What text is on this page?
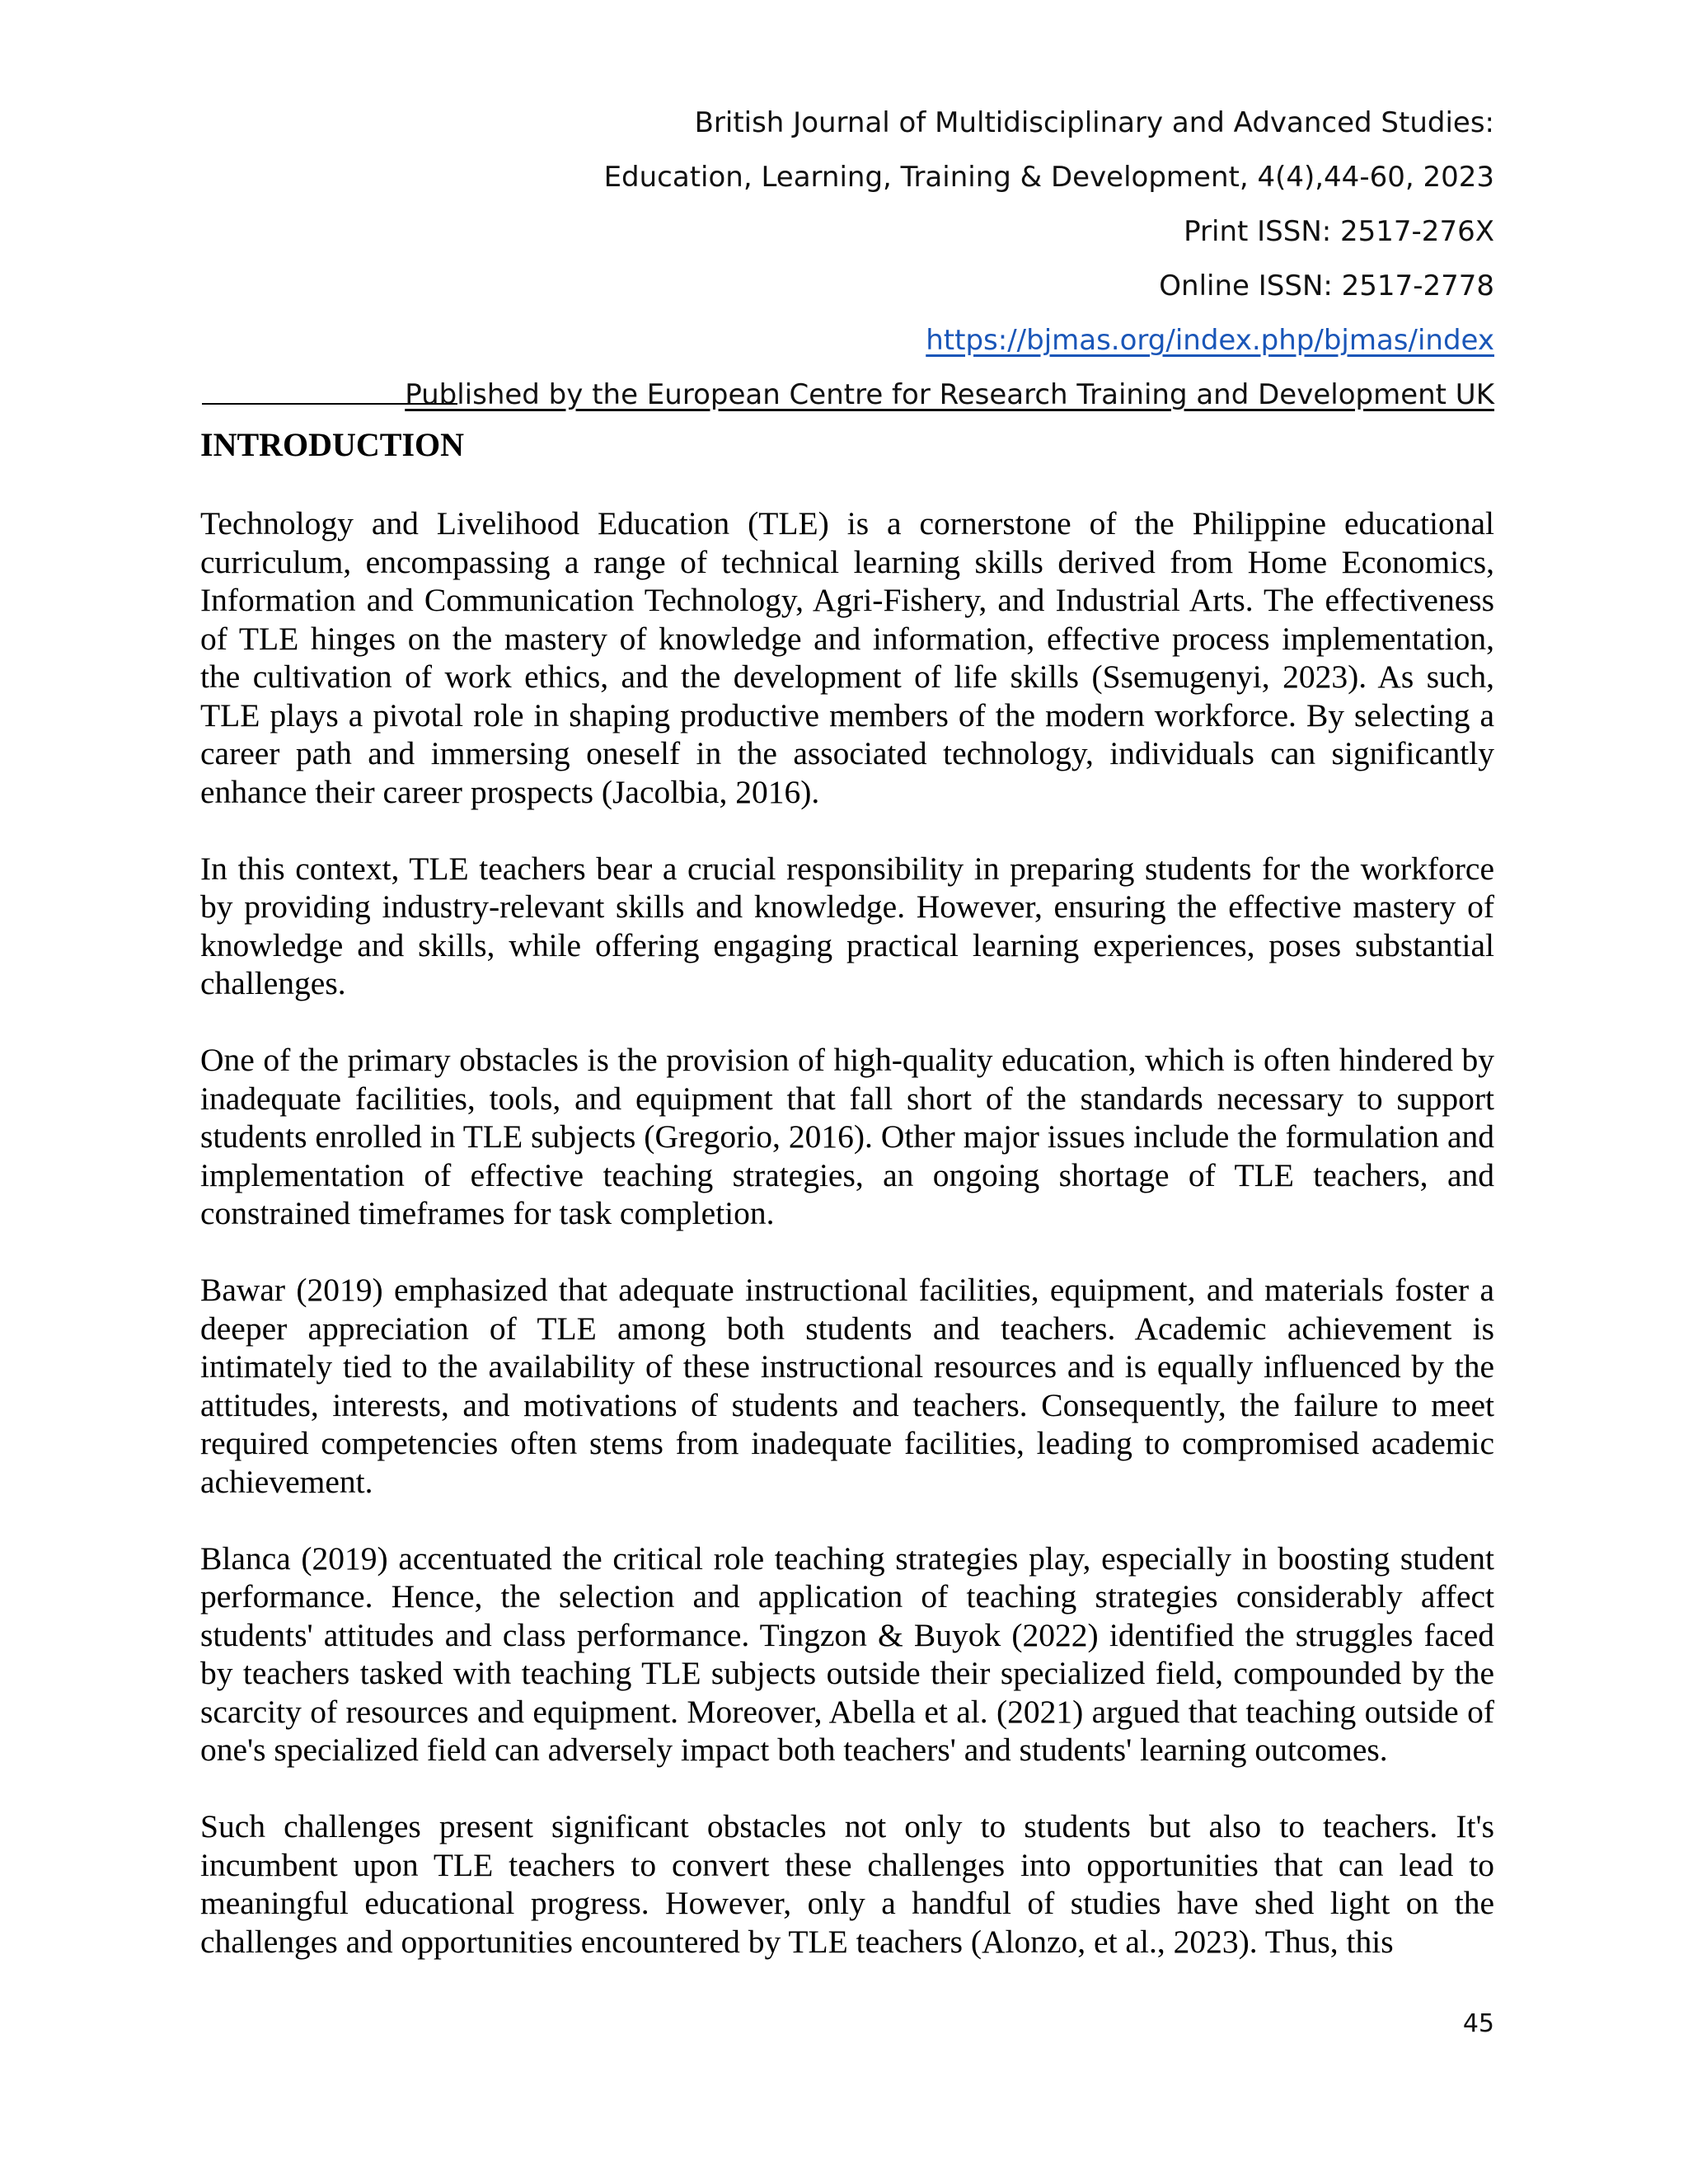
British Journal of Multidisciplinary and Advanced Studies:
Education, Learning, Training & Development, 4(4),44-60, 2023
Print ISSN: 2517-276X
Online ISSN: 2517-2778
https://bjmas.org/index.php/bjmas/index
Published by the European Centre for Research Training and Development UK
INTRODUCTION

Technology and Livelihood Education (TLE) is a cornerstone of the Philippine educational curriculum, encompassing a range of technical learning skills derived from Home Economics, Information and Communication Technology, Agri-Fishery, and Industrial Arts. The effectiveness of TLE hinges on the mastery of knowledge and information, effective process implementation, the cultivation of work ethics, and the development of life skills (Ssemugenyi, 2023). As such, TLE plays a pivotal role in shaping productive members of the modern workforce. By selecting a career path and immersing oneself in the associated technology, individuals can significantly enhance their career prospects (Jacolbia, 2016).

In this context, TLE teachers bear a crucial responsibility in preparing students for the workforce by providing industry-relevant skills and knowledge. However, ensuring the effective mastery of knowledge and skills, while offering engaging practical learning experiences, poses substantial challenges.

One of the primary obstacles is the provision of high-quality education, which is often hindered by inadequate facilities, tools, and equipment that fall short of the standards necessary to support students enrolled in TLE subjects (Gregorio, 2016). Other major issues include the formulation and implementation of effective teaching strategies, an ongoing shortage of TLE teachers, and constrained timeframes for task completion.

Bawar (2019) emphasized that adequate instructional facilities, equipment, and materials foster a deeper appreciation of TLE among both students and teachers. Academic achievement is intimately tied to the availability of these instructional resources and is equally influenced by the attitudes, interests, and motivations of students and teachers. Consequently, the failure to meet required competencies often stems from inadequate facilities, leading to compromised academic achievement.

Blanca (2019) accentuated the critical role teaching strategies play, especially in boosting student performance. Hence, the selection and application of teaching strategies considerably affect students' attitudes and class performance. Tingzon & Buyok (2022) identified the struggles faced by teachers tasked with teaching TLE subjects outside their specialized field, compounded by the scarcity of resources and equipment. Moreover, Abella et al. (2021) argued that teaching outside of one's specialized field can adversely impact both teachers' and students' learning outcomes.

Such challenges present significant obstacles not only to students but also to teachers. It's incumbent upon TLE teachers to convert these challenges into opportunities that can lead to meaningful educational progress. However, only a handful of studies have shed light on the challenges and opportunities encountered by TLE teachers (Alonzo, et al., 2023). Thus, this

45
